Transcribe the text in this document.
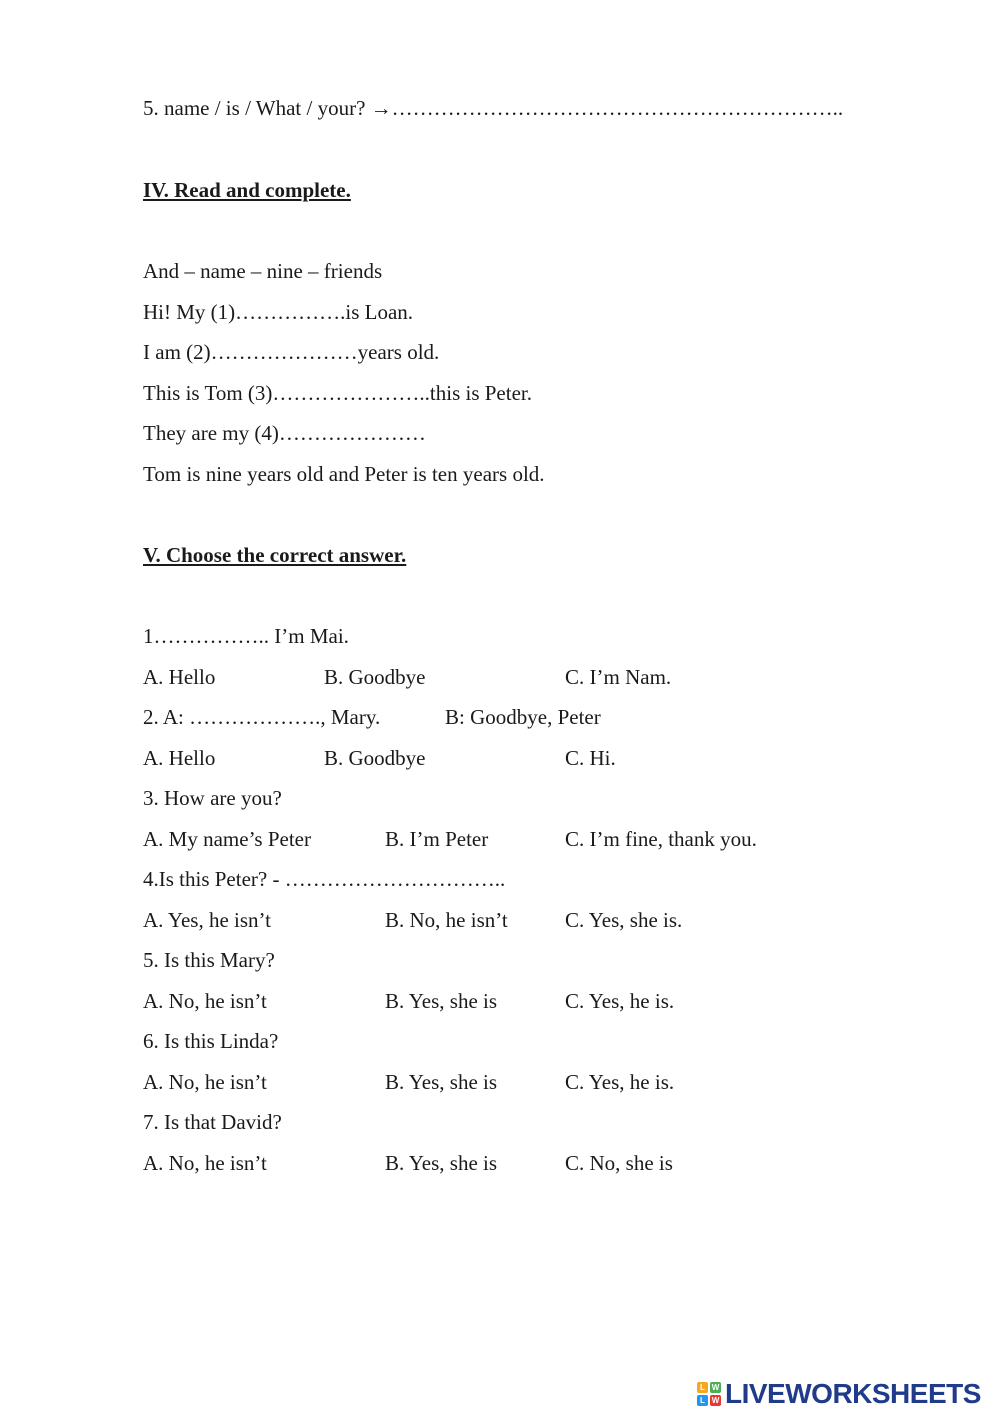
5. name / is / What / your? →………………………………………………………..
IV. Read and complete.
And – name – nine – friends
Hi! My (1)…………….is Loan.
I am (2)…………………years old.
This is Tom (3)…………………..this is Peter.
They are my (4)…………………
Tom is nine years old and Peter is ten years old.
V. Choose the correct answer.
1…………….. I’m Mai.
A. Hello	B. Goodbye	C. I’m Nam.
2. A: ………………., Mary.	B: Goodbye, Peter
A. Hello	B. Goodbye	C. Hi.
3. How are you?
A. My name’s Peter	B. I’m Peter	C. I’m fine, thank you.
4.Is this Peter? - …………………………..
A. Yes, he isn’t	B. No, he isn’t	C. Yes, she is.
5. Is this Mary?
A. No, he isn’t	B. Yes, she is	C. Yes, he is.
6. Is this Linda?
A. No, he isn’t	B. Yes, she is	C. Yes, he is.
7. Is that David?
A. No, he isn’t	B. Yes, she is	C. No, she is
L W
L W LIVEWORKSHEETS
